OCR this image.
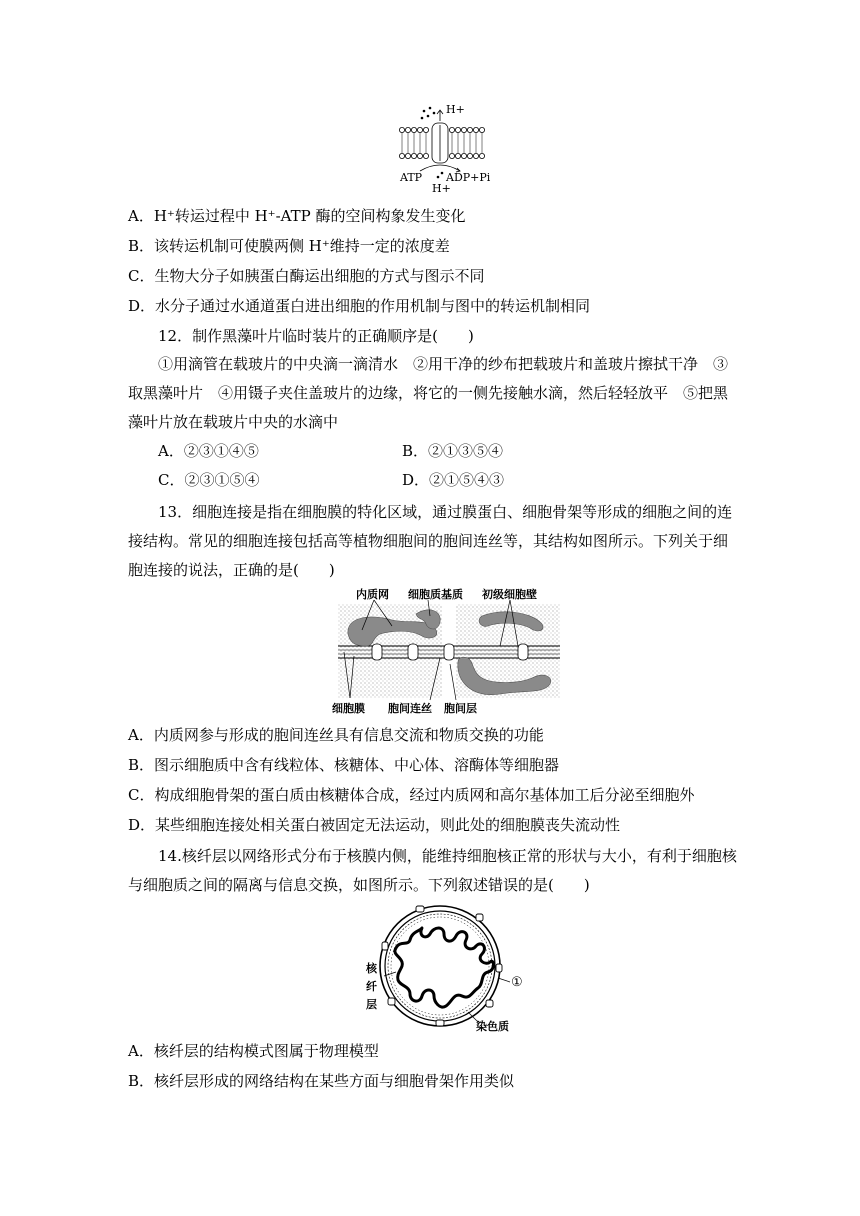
H+
ATP ADP+Pi
H+
A．H⁺转运过程中 H⁺-ATP 酶的空间构象发生变化
B．该转运机制可使膜两侧 H⁺维持一定的浓度差
C．生物大分子如胰蛋白酶运出细胞的方式与图示不同
D．水分子通过水通道蛋白进出细胞的作用机制与图中的转运机制相同
12．制作黑藻叶片临时装片的正确顺序是(　　)
①用滴管在载玻片的中央滴一滴清水　②用干净的纱布把载玻片和盖玻片擦拭干净　③
取黑藻叶片　④用镊子夹住盖玻片的边缘，将它的一侧先接触水滴，然后轻轻放平　⑤把黑
藻叶片放在载玻片中央的水滴中
A．②③①④⑤	B．②①③⑤④
C．②③①⑤④	D．②①⑤④③
13．细胞连接是指在细胞膜的特化区域，通过膜蛋白、细胞骨架等形成的细胞之间的连
接结构。常见的细胞连接包括高等植物细胞间的胞间连丝等，其结构如图所示。下列关于细
胞连接的说法，正确的是(　　)
内质网 细胞质基质 初级细胞壁
细胞膜 胞间连丝 胞间层
A．内质网参与形成的胞间连丝具有信息交流和物质交换的功能
B．图示细胞质中含有线粒体、核糖体、中心体、溶酶体等细胞器
C．构成细胞骨架的蛋白质由核糖体合成，经过内质网和高尔基体加工后分泌至细胞外
D．某些细胞连接处相关蛋白被固定无法运动，则此处的细胞膜丧失流动性
14.核纤层以网络形式分布于核膜内侧，能维持细胞核正常的形状与大小，有利于细胞核
与细胞质之间的隔离与信息交换，如图所示。下列叙述错误的是(　　)
核
纤
层
①
染色质
A．核纤层的结构模式图属于物理模型
B．核纤层形成的网络结构在某些方面与细胞骨架作用类似
